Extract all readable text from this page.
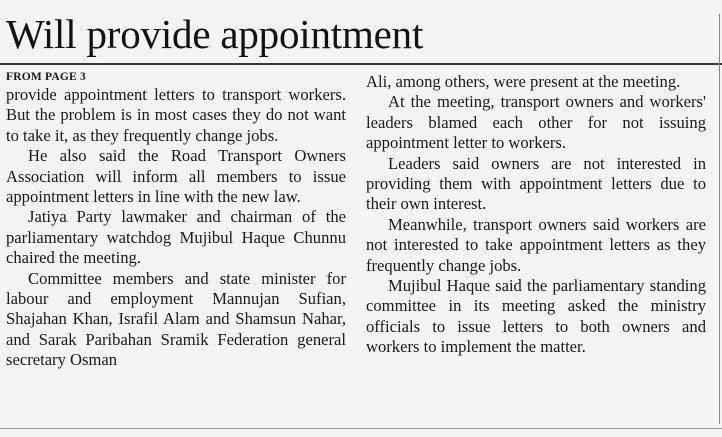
Will provide appointment
FROM PAGE 3

provide appointment letters to transport workers. But the problem is in most cases they do not want to take it, as they frequently change jobs.

He also said the Road Transport Owners Association will inform all members to issue appointment letters in line with the new law.

Jatiya Party lawmaker and chairman of the parliamentary watchdog Mujibul Haque Chunnu chaired the meeting.

Committee members and state minister for labour and employment Mannujan Sufian, Shajahan Khan, Israfil Alam and Shamsun Nahar, and Sarak Paribahan Sramik Federation general secretary Osman

Ali, among others, were present at the meeting.

At the meeting, transport owners and workers' leaders blamed each other for not issuing appointment letter to workers.

Leaders said owners are not interested in providing them with appointment letters due to their own interest.

Meanwhile, transport owners said workers are not interested to take appointment letters as they frequently change jobs.

Mujibul Haque said the parliamentary standing committee in its meeting asked the ministry officials to issue letters to both owners and workers to implement the matter.
